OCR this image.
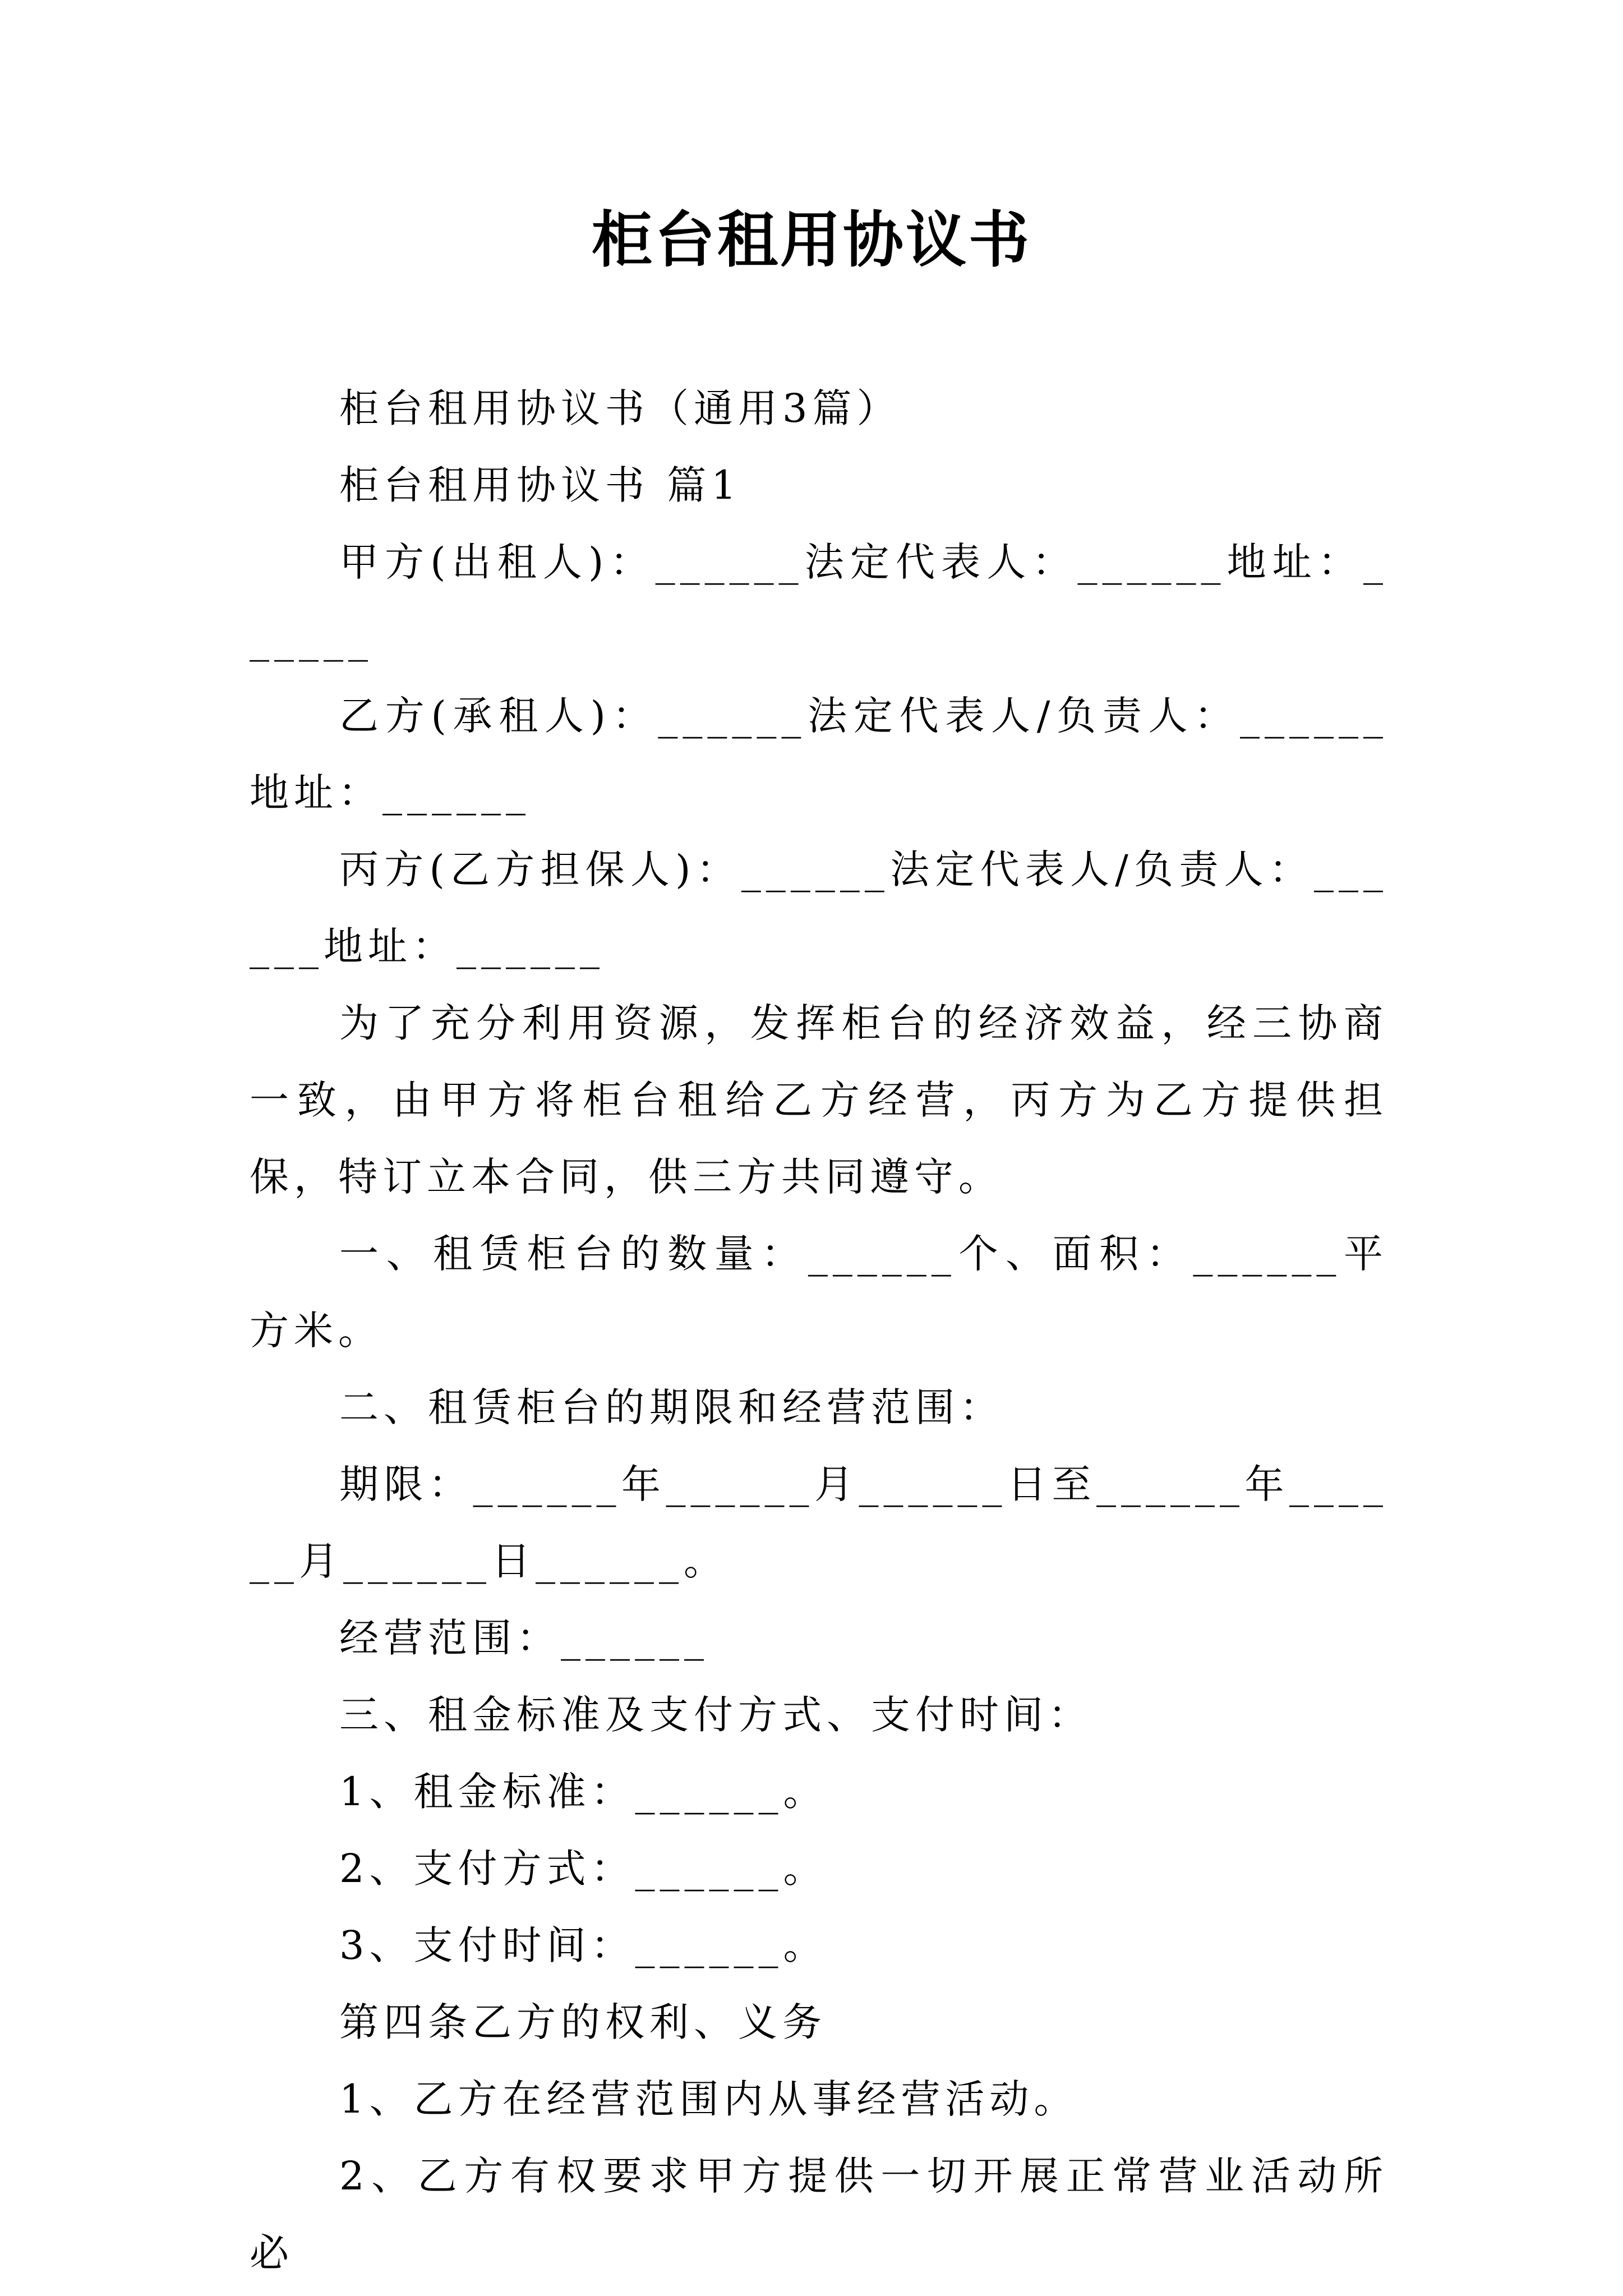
柜台租用协议书

柜台租用协议书（通用3篇）

柜台租用协议书 篇1

甲方(出租人)：______法定代表人：______地址：______

乙方(承租人)：______法定代表人/负责人：______地址：______

丙方(乙方担保人)：______法定代表人/负责人：______地址：______

为了充分利用资源，发挥柜台的经济效益，经三协商一致，由甲方将柜台租给乙方经营，丙方为乙方提供担保，特订立本合同，供三方共同遵守。

一、租赁柜台的数量：______个、面积：______平方米。

二、租赁柜台的期限和经营范围：

期限：______年______月______日至______年______月______日______。

经营范围：______

三、租金标准及支付方式、支付时间：

1、租金标准：______。

2、支付方式：______。

3、支付时间：______。

第四条乙方的权利、义务

1、乙方在经营范围内从事经营活动。

2、乙方有权要求甲方提供一切开展正常营业活动所必
